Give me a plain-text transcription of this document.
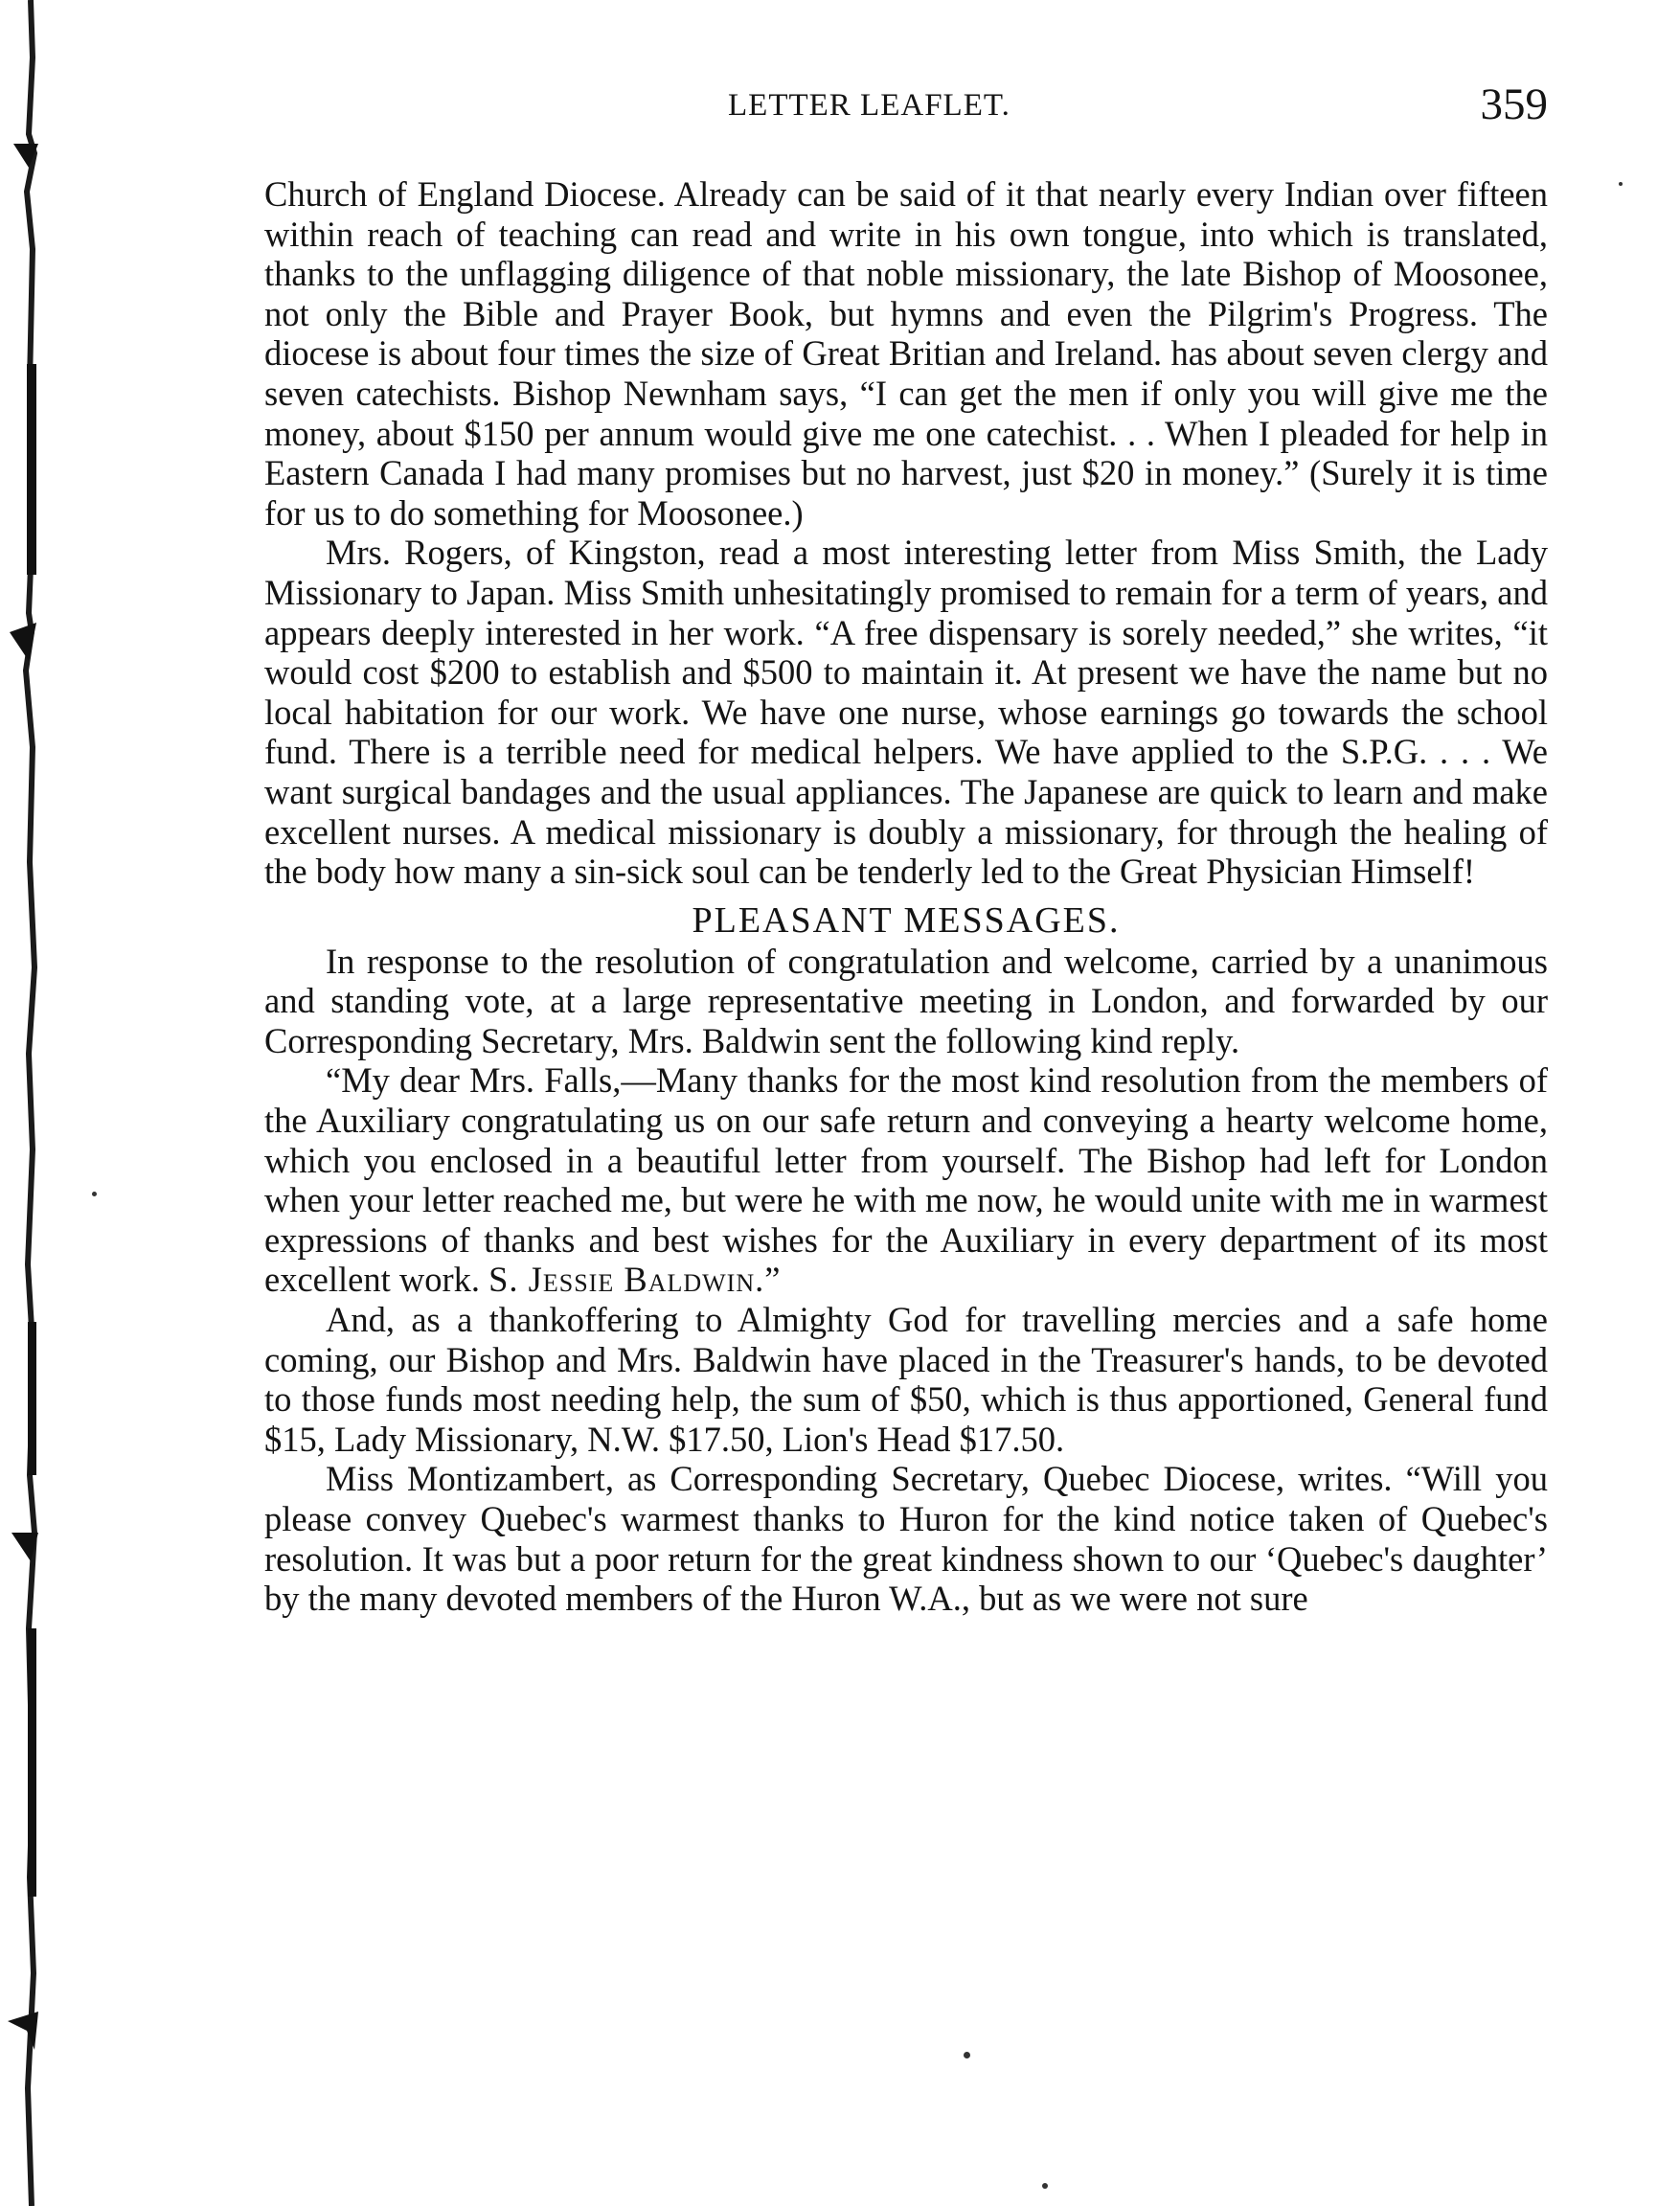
LETTER LEAFLET.	359

Church of England Diocese. Already can be said of it that nearly every Indian over fifteen within reach of teaching can read and write in his own tongue, into which is translated, thanks to the unflagging diligence of that noble missionary, the late Bishop of Moosonee, not only the Bible and Prayer Book, but hymns and even the Pilgrim's Progress. The diocese is about four times the size of Great Britian and Ireland. has about seven clergy and seven catechists. Bishop Newnham says, “I can get the men if only you will give me the money, about $150 per annum would give me one catechist. . . When I pleaded for help in Eastern Canada I had many promises but no harvest, just $20 in money.” (Surely it is time for us to do something for Moosonee.)

Mrs. Rogers, of Kingston, read a most interesting letter from Miss Smith, the Lady Missionary to Japan. Miss Smith unhesitatingly promised to remain for a term of years, and appears deeply interested in her work. “A free dispensary is sorely needed,” she writes, “it would cost $200 to establish and $500 to maintain it. At present we have the name but no local habitation for our work. We have one nurse, whose earnings go towards the school fund. There is a terrible need for medical helpers. We have applied to the S.P.G. . . . We want surgical bandages and the usual appliances. The Japanese are quick to learn and make excellent nurses. A medical missionary is doubly a missionary, for through the healing of the body how many a sin-sick soul can be tenderly led to the Great Physician Himself!

PLEASANT MESSAGES.

In response to the resolution of congratulation and welcome, carried by a unanimous and standing vote, at a large representative meeting in London, and forwarded by our Corresponding Secretary, Mrs. Baldwin sent the following kind reply.

“My dear Mrs. Falls,—Many thanks for the most kind resolution from the members of the Auxiliary congratulating us on our safe return and conveying a hearty welcome home, which you enclosed in a beautiful letter from yourself. The Bishop had left for London when your letter reached me, but were he with me now, he would unite with me in warmest expressions of thanks and best wishes for the Auxiliary in every department of its most excellent work. S. Jessie Baldwin.”

And, as a thankoffering to Almighty God for travelling mercies and a safe home coming, our Bishop and Mrs. Baldwin have placed in the Treasurer's hands, to be devoted to those funds most needing help, the sum of $50, which is thus apportioned, General fund $15, Lady Missionary, N.W. $17.50, Lion's Head $17.50.

Miss Montizambert, as Corresponding Secretary, Quebec Diocese, writes. “Will you please convey Quebec's warmest thanks to Huron for the kind notice taken of Quebec's resolution. It was but a poor return for the great kindness shown to our ‘Quebec's daughter’ by the many devoted members of the Huron W.A., but as we were not sure
